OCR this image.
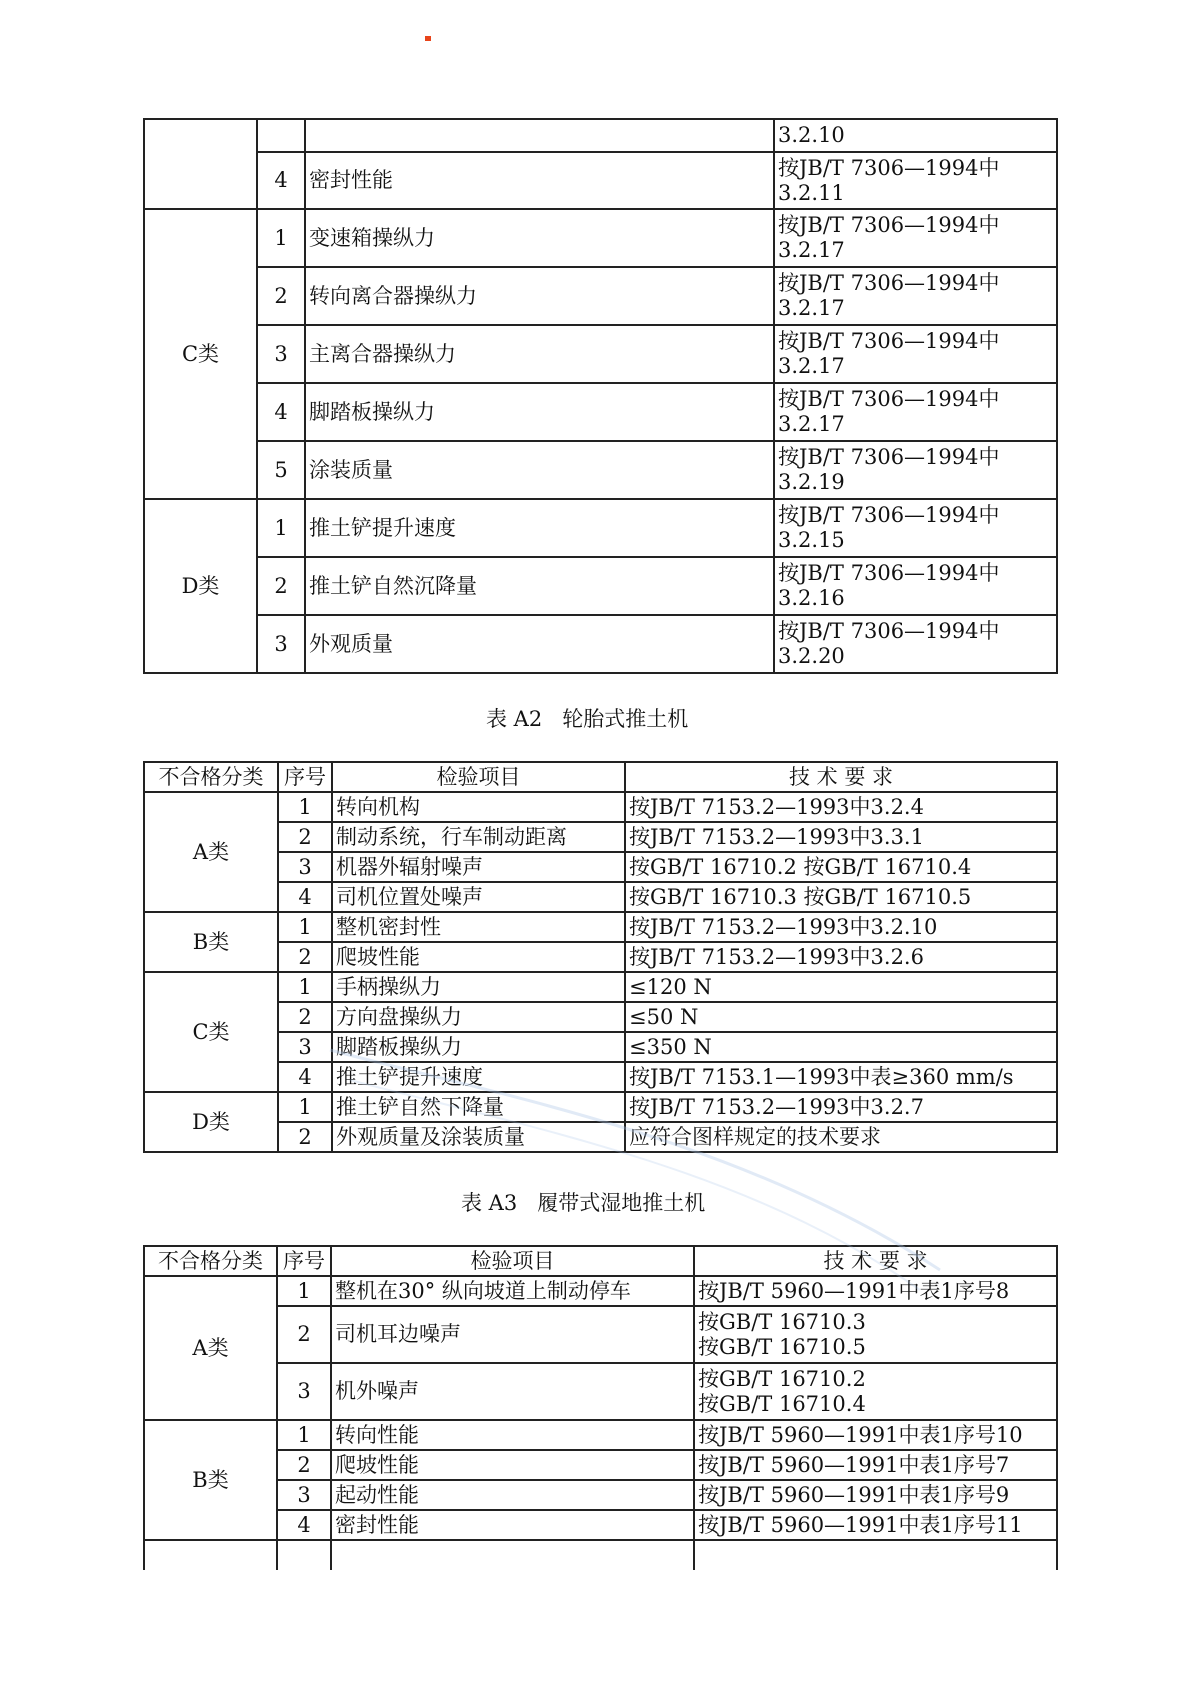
			3.2.10

	4	密封性能	按JB/T 7306—1994中
3.2.11

C类	1	变速箱操纵力	按JB/T 7306—1994中
3.2.17

	2	转向离合器操纵力	按JB/T 7306—1994中
3.2.17

	3	主离合器操纵力	按JB/T 7306—1994中
3.2.17

	4	脚踏板操纵力	按JB/T 7306—1994中
3.2.17

	5	涂装质量	按JB/T 7306—1994中
3.2.19

D类	1	推土铲提升速度	按JB/T 7306—1994中
3.2.15

	2	推土铲自然沉降量	按JB/T 7306—1994中
3.2.16

	3	外观质量	按JB/T 7306—1994中
3.2.20
表 A2   轮胎式推土机
不合格分类	序号	检验项目	技 术 要 求
A类	1	转向机构	按JB/T 7153.2—1993中3.2.4
	2	制动系统，行车制动距离	按JB/T 7153.2—1993中3.3.1
	3	机器外辐射噪声	按GB/T 16710.2 按GB/T 16710.4
	4	司机位置处噪声	按GB/T 16710.3 按GB/T 16710.5
B类	1	整机密封性	按JB/T 7153.2—1993中3.2.10
	2	爬坡性能	按JB/T 7153.2—1993中3.2.6
C类	1	手柄操纵力	≤120 N
	2	方向盘操纵力	≤50 N
	3	脚踏板操纵力	≤350 N
	4	推土铲提升速度	按JB/T 7153.1—1993中表≥360 mm/s
D类	1	推土铲自然下降量	按JB/T 7153.2—1993中3.2.7
	2	外观质量及涂装质量	应符合图样规定的技术要求
表 A3   履带式湿地推土机
不合格分类	序号	检验项目	技 术 要 求
A类	1	整机在30° 纵向坡道上制动停车	按JB/T 5960—1991中表1序号8

	2	司机耳边噪声	按GB/T 16710.3
按GB/T 16710.5

	3	机外噪声	按GB/T 16710.2
按GB/T 16710.4

B类	1	转向性能	按JB/T 5960—1991中表1序号10

	2	爬坡性能	按JB/T 5960—1991中表1序号7

	3	起动性能	按JB/T 5960—1991中表1序号9

	4	密封性能	按JB/T 5960—1991中表1序号11
